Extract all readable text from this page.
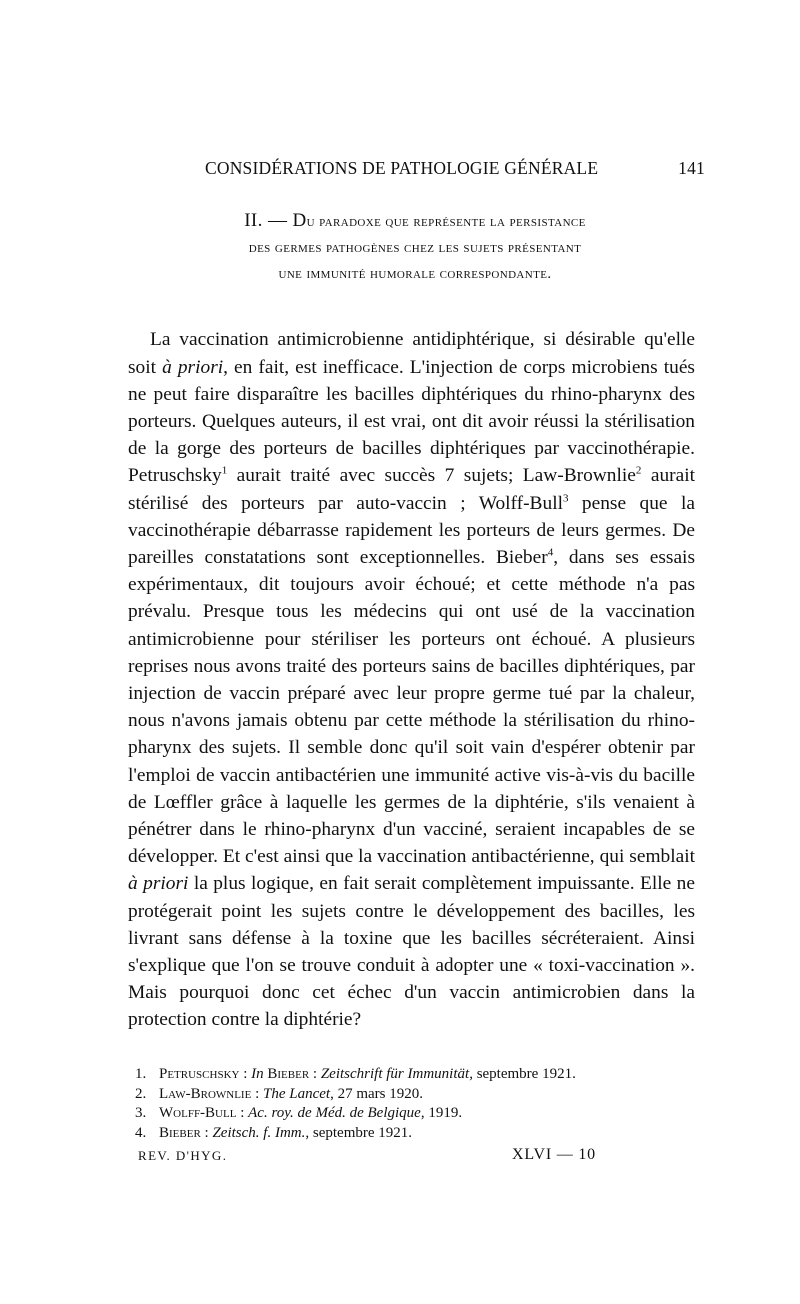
CONSIDÉRATIONS DE PATHOLOGIE GÉNÉRALE	141
II. — Du paradoxe que représente la persistance
des germes pathogènes chez les sujets présentant
une immunité humorale correspondante.

La vaccination antimicrobienne antidiphtérique, si désirable qu'elle soit à priori, en fait, est inefficace. L'injection de corps microbiens tués ne peut faire disparaître les bacilles diphtériques du rhino-pharynx des porteurs. Quelques auteurs, il est vrai, ont dit avoir réussi la stérilisation de la gorge des porteurs de bacilles diphtériques par vaccinothérapie. Petruschsky$^1$ aurait traité avec succès 7 sujets; Law-Brownlie$^2$ aurait stérilisé des porteurs par auto-vaccin ; Wolff-Bull$^3$ pense que la vaccinothérapie débarrasse rapidement les porteurs de leurs germes. De pareilles constatations sont exceptionnelles. Bieber$^4$, dans ses essais expérimentaux, dit toujours avoir échoué; et cette méthode n'a pas prévalu. Presque tous les médecins qui ont usé de la vaccination antimicrobienne pour stériliser les porteurs ont échoué. A plusieurs reprises nous avons traité des porteurs sains de bacilles diphtériques, par injection de vaccin préparé avec leur propre germe tué par la chaleur, nous n'avons jamais obtenu par cette méthode la stérilisation du rhino-pharynx des sujets. Il semble donc qu'il soit vain d'espérer obtenir par l'emploi de vaccin antibactérien une immunité active vis-à-vis du bacille de Lœffler grâce à laquelle les germes de la diphtérie, s'ils venaient à pénétrer dans le rhino-pharynx d'un vacciné, seraient incapables de se développer. Et c'est ainsi que la vaccination antibactérienne, qui semblait à priori la plus logique, en fait serait complètement impuissante. Elle ne protégerait point les sujets contre le développement des bacilles, les livrant sans défense à la toxine que les bacilles sécréteraient. Ainsi s'explique que l'on se trouve conduit à adopter une « toxi-vaccination ». Mais pourquoi donc cet échec d'un vaccin antimicrobien dans la protection contre la diphtérie?

1. Petruschsky : In Bieber : Zeitschrift für Immunität, septembre 1921.
2. Law-Brownlie : The Lancet, 27 mars 1920.
3. Wolff-Bull : Ac. roy. de Méd. de Belgique, 1919.
4. Bieber : Zeitsch. f. Imm., septembre 1921.
REV. D'HYG.	XLVI — 10
